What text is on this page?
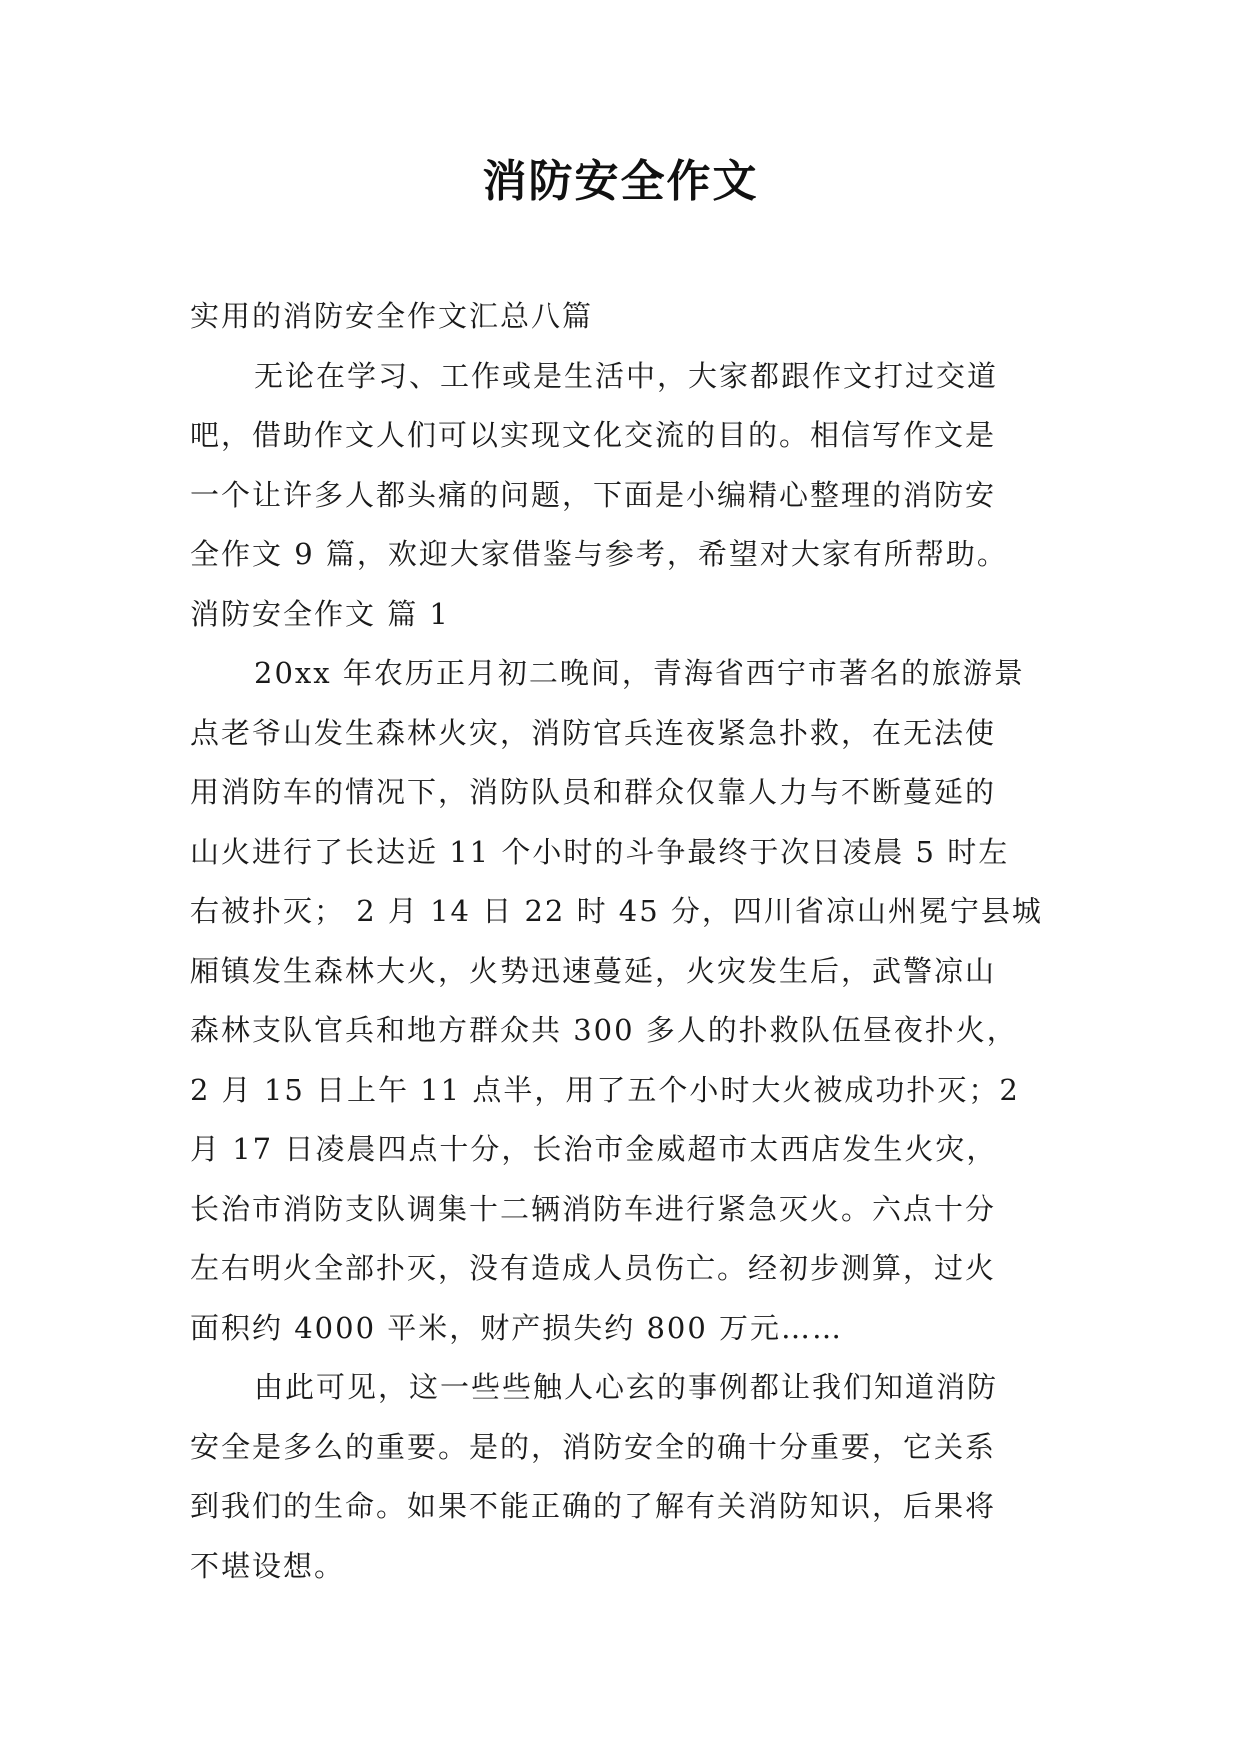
消防安全作文
实用的消防安全作文汇总八篇
无论在学习、工作或是生活中，大家都跟作文打过交道
吧，借助作文人们可以实现文化交流的目的。相信写作文是
一个让许多人都头痛的问题，下面是小编精心整理的消防安
全作文 9 篇，欢迎大家借鉴与参考，希望对大家有所帮助。
消防安全作文 篇 1
20xx 年农历正月初二晚间，青海省西宁市著名的旅游景
点老爷山发生森林火灾，消防官兵连夜紧急扑救，在无法使
用消防车的情况下，消防队员和群众仅靠人力与不断蔓延的
山火进行了长达近 11 个小时的斗争最终于次日凌晨 5 时左
右被扑灭； 2 月 14 日 22 时 45 分，四川省凉山州冕宁县城
厢镇发生森林大火，火势迅速蔓延，火灾发生后，武警凉山
森林支队官兵和地方群众共 300 多人的扑救队伍昼夜扑火，
2 月 15 日上午 11 点半，用了五个小时大火被成功扑灭；2
月 17 日凌晨四点十分，长治市金威超市太西店发生火灾，
长治市消防支队调集十二辆消防车进行紧急灭火。六点十分
左右明火全部扑灭，没有造成人员伤亡。经初步测算，过火
面积约 4000 平米，财产损失约 800 万元……
由此可见，这一些些触人心玄的事例都让我们知道消防
安全是多么的重要。是的，消防安全的确十分重要，它关系
到我们的生命。如果不能正确的了解有关消防知识，后果将
不堪设想。
